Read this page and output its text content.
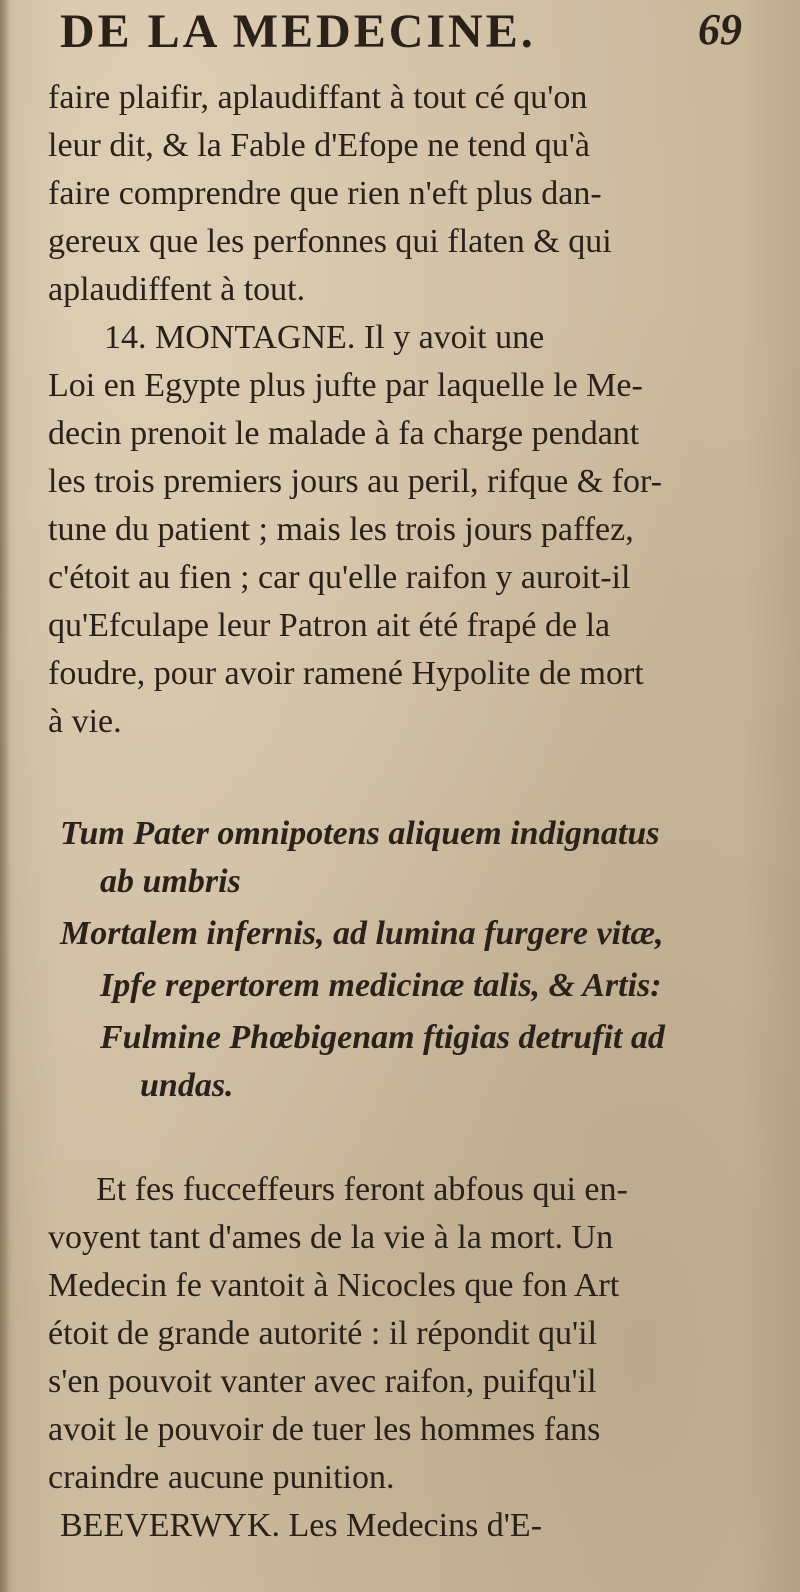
DE LA MEDECINE.	69
faire plaifir, aplaudiffant à tout cé qu'on
leur dit, & la Fable d'Efope ne tend qu'à
faire comprendre que rien n'eft plus dan-
gereux que les perfonnes qui flaten & qui
aplaudiffent à tout.
14. MONTAGNE. Il y avoit une
Loi en Egypte plus jufte par laquelle le Me-
decin prenoit le malade à fa charge pendant
les trois premiers jours au peril, rifque & for-
tune du patient ; mais les trois jours paffez,
c'étoit au fien ; car qu'elle raifon y auroit-il
qu'Efculape leur Patron ait été frapé de la
foudre, pour avoir ramené Hypolite de mort
à vie.
Tum Pater omnipotens aliquem indignatus
ab umbris
Mortalem infernis, ad lumina furgere vitæ,
Ipfe repertorem medicinæ talis, & Artis:
Fulmine Phœbigenam ftigias detrufit ad
undas.
Et fes fucceffeurs feront abfous qui en-
voyent tant d'ames de la vie à la mort. Un
Medecin fe vantoit à Nicocles que fon Art
étoit de grande autorité : il répondit qu'il
s'en pouvoit vanter avec raifon, puifqu'il
avoit le pouvoir de tuer les hommes fans
craindre aucune punition.
BEEVERWYK. Les Medecins d'E-
